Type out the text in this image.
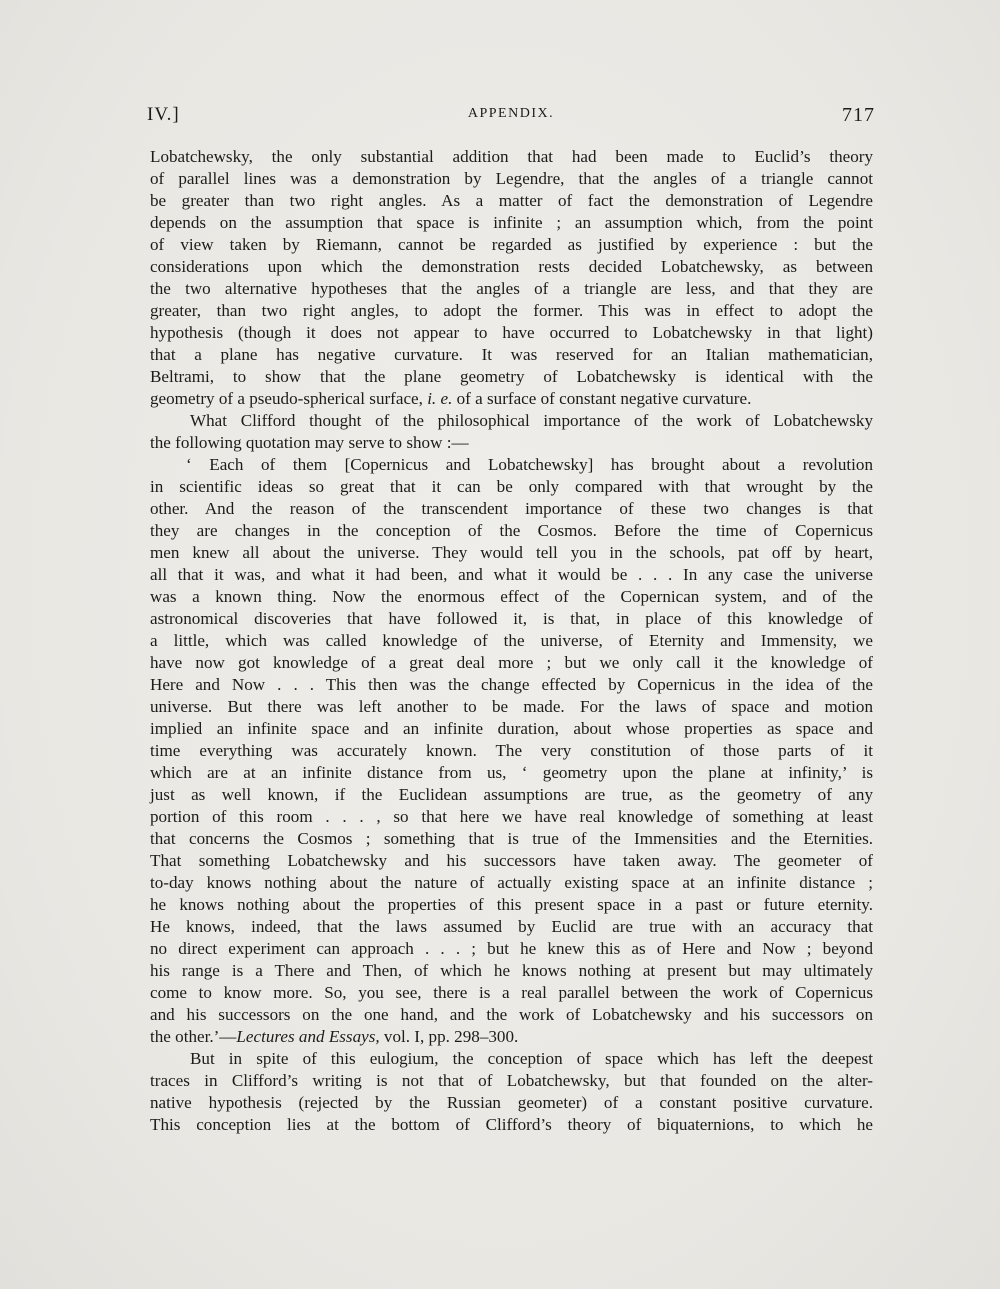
IV.]	APPENDIX.	717
Lobatchewsky, the only substantial addition that had been made to Euclid’s theory
of parallel lines was a demonstration by Legendre, that the angles of a triangle cannot
be greater than two right angles. As a matter of fact the demonstration of Legendre
depends on the assumption that space is infinite ; an assumption which, from the point
of view taken by Riemann, cannot be regarded as justified by experience : but the
considerations upon which the demonstration rests decided Lobatchewsky, as between
the two alternative hypotheses that the angles of a triangle are less, and that they are
greater, than two right angles, to adopt the former. This was in effect to adopt the
hypothesis (though it does not appear to have occurred to Lobatchewsky in that light)
that a plane has negative curvature. It was reserved for an Italian mathematician,
Beltrami, to show that the plane geometry of Lobatchewsky is identical with the
geometry of a pseudo-spherical surface, i. e. of a surface of constant negative curvature.
What Clifford thought of the philosophical importance of the work of Lobatchewsky
the following quotation may serve to show :—
‘ Each of them [Copernicus and Lobatchewsky] has brought about a revolution
in scientific ideas so great that it can be only compared with that wrought by the
other. And the reason of the transcendent importance of these two changes is that
they are changes in the conception of the Cosmos. Before the time of Copernicus
men knew all about the universe. They would tell you in the schools, pat off by heart,
all that it was, and what it had been, and what it would be . . . In any case the universe
was a known thing. Now the enormous effect of the Copernican system, and of the
astronomical discoveries that have followed it, is that, in place of this knowledge of
a little, which was called knowledge of the universe, of Eternity and Immensity, we
have now got knowledge of a great deal more ; but we only call it the knowledge of
Here and Now . . . This then was the change effected by Copernicus in the idea of the
universe. But there was left another to be made. For the laws of space and motion
implied an infinite space and an infinite duration, about whose properties as space and
time everything was accurately known. The very constitution of those parts of it
which are at an infinite distance from us, ‘ geometry upon the plane at infinity,’ is
just as well known, if the Euclidean assumptions are true, as the geometry of any
portion of this room . . . , so that here we have real knowledge of something at least
that concerns the Cosmos ; something that is true of the Immensities and the Eternities.
That something Lobatchewsky and his successors have taken away. The geometer of
to-day knows nothing about the nature of actually existing space at an infinite distance ;
he knows nothing about the properties of this present space in a past or future eternity.
He knows, indeed, that the laws assumed by Euclid are true with an accuracy that
no direct experiment can approach . . . ; but he knew this as of Here and Now ; beyond
his range is a There and Then, of which he knows nothing at present but may ultimately
come to know more. So, you see, there is a real parallel between the work of Copernicus
and his successors on the one hand, and the work of Lobatchewsky and his successors on
the other.’—Lectures and Essays, vol. I, pp. 298–300.
But in spite of this eulogium, the conception of space which has left the deepest
traces in Clifford’s writing is not that of Lobatchewsky, but that founded on the alter-
native hypothesis (rejected by the Russian geometer) of a constant positive curvature.
This conception lies at the bottom of Clifford’s theory of biquaternions, to which he
